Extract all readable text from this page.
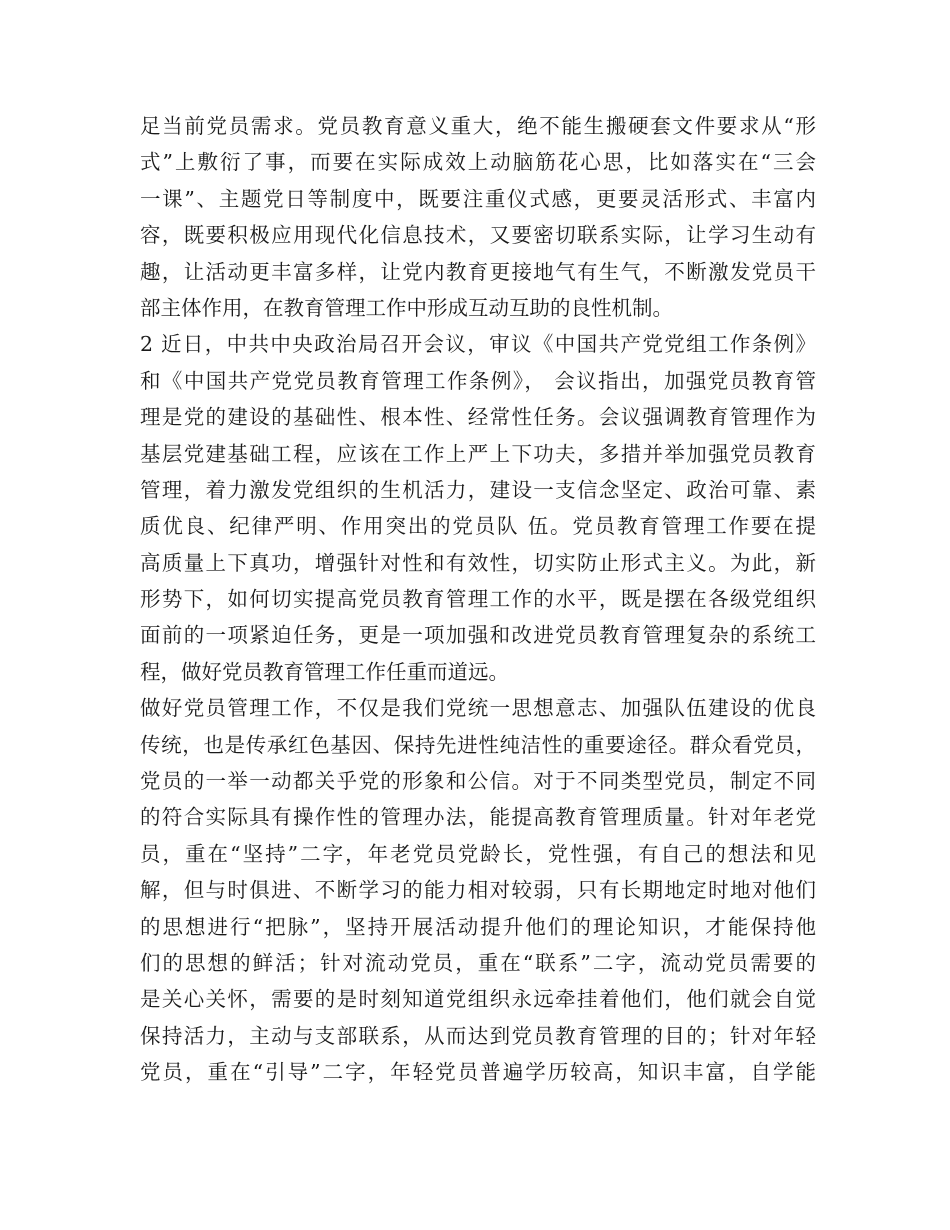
足当前党员需求。党员教育意义重大，绝不能生搬硬套文件要求从“形
式”上敷衍了事，而要在实际成效上动脑筋花心思，比如落实在“三会
一课”、主题党日等制度中，既要注重仪式感，更要灵活形式、丰富内
容，既要积极应用现代化信息技术，又要密切联系实际，让学习生动有
趣，让活动更丰富多样，让党内教育更接地气有生气，不断激发党员干
部主体作用，在教育管理工作中形成互动互助的良性机制。
2 近日，中共中央政治局召开会议，审议《中国共产党党组工作条例》
和《中国共产党党员教育管理工作条例》， 会议指出，加强党员教育管
理是党的建设的基础性、根本性、经常性任务。会议强调教育管理作为
基层党建基础工程，应该在工作上严上下功夫，多措并举加强党员教育
管理，着力激发党组织的生机活力，建设一支信念坚定、政治可靠、素
质优良、纪律严明、作用突出的党员队 伍。党员教育管理工作要在提
高质量上下真功，增强针对性和有效性，切实防止形式主义。为此，新
形势下，如何切实提高党员教育管理工作的水平，既是摆在各级党组织
面前的一项紧迫任务，更是一项加强和改进党员教育管理复杂的系统工
程，做好党员教育管理工作任重而道远。
做好党员管理工作，不仅是我们党统一思想意志、加强队伍建设的优良
传统，也是传承红色基因、保持先进性纯洁性的重要途径。群众看党员，
党员的一举一动都关乎党的形象和公信。对于不同类型党员，制定不同
的符合实际具有操作性的管理办法，能提高教育管理质量。针对年老党
员，重在“坚持”二字，年老党员党龄长，党性强，有自己的想法和见
解，但与时俱进、不断学习的能力相对较弱，只有长期地定时地对他们
的思想进行“把脉”，坚持开展活动提升他们的理论知识，才能保持他
们的思想的鲜活；针对流动党员，重在“联系”二字，流动党员需要的
是关心关怀，需要的是时刻知道党组织永远牵挂着他们，他们就会自觉
保持活力，主动与支部联系，从而达到党员教育管理的目的；针对年轻
党员，重在“引导”二字，年轻党员普遍学历较高，知识丰富，自学能
